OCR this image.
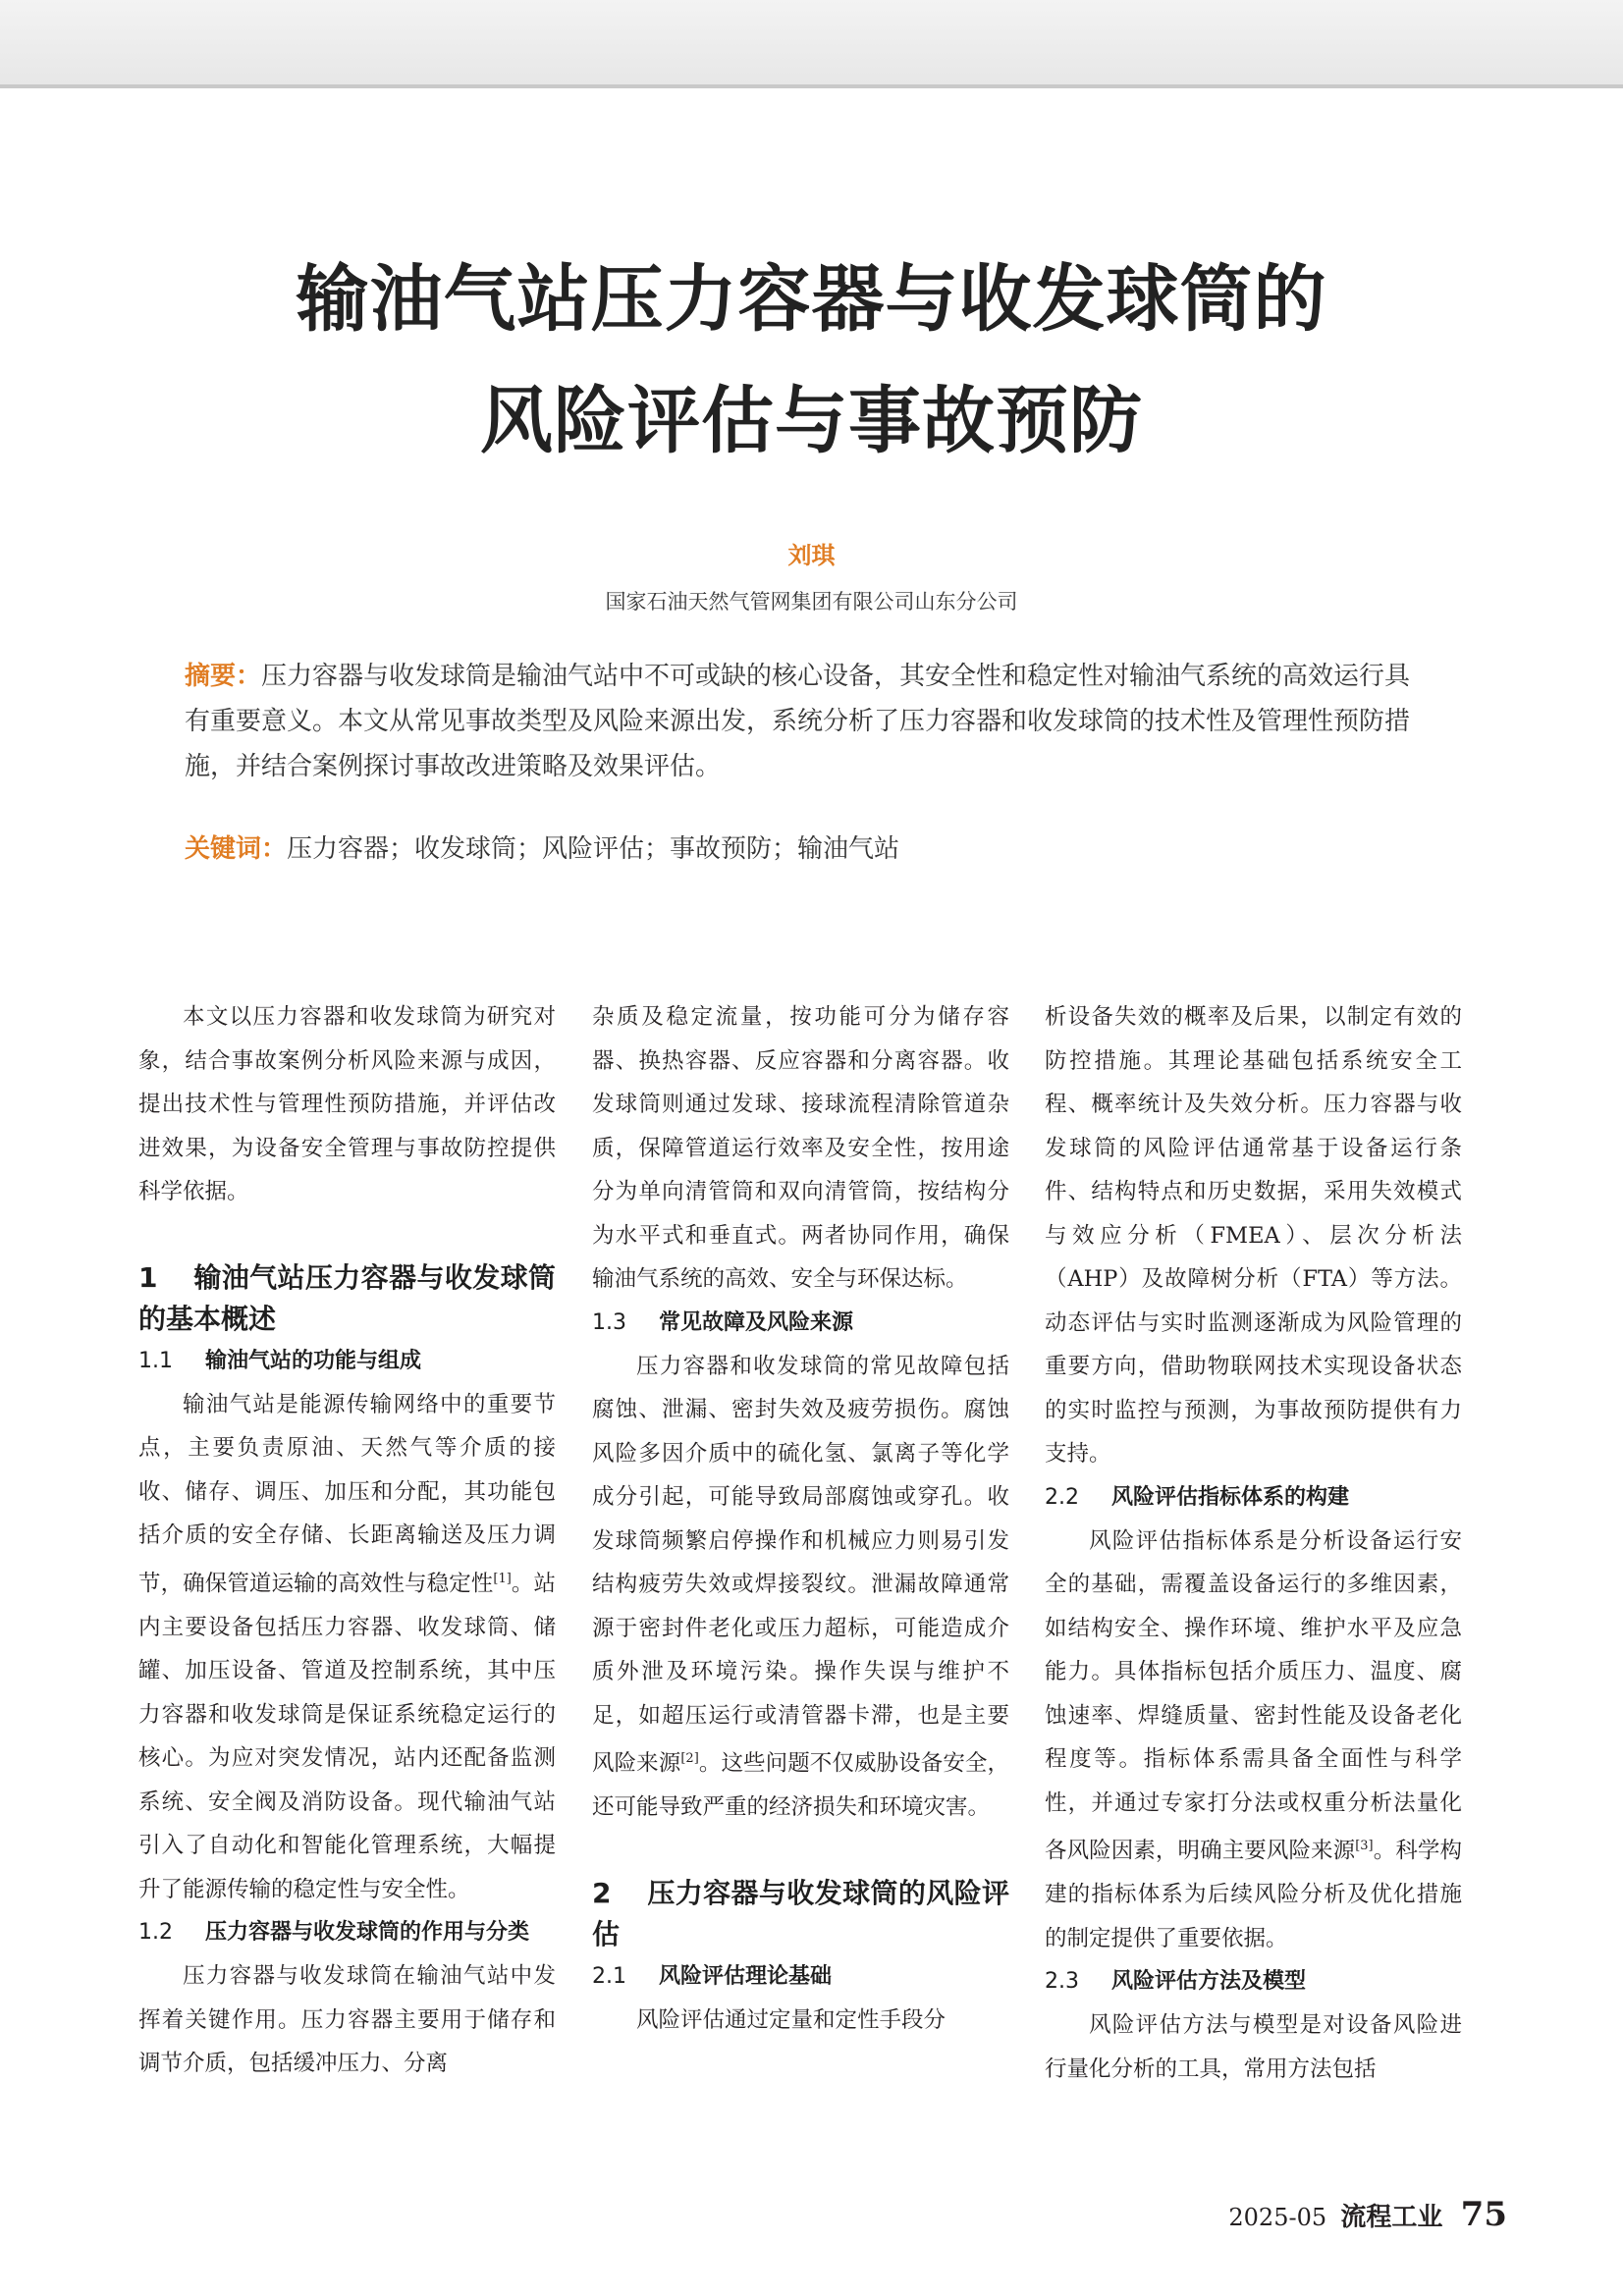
输油气站压力容器与收发球筒的
风险评估与事故预防
刘琪
国家石油天然气管网集团有限公司山东分公司
摘要：压力容器与收发球筒是输油气站中不可或缺的核心设备，其安全性和稳定性对输油气系统的高效运行具有重要意义。本文从常见事故类型及风险来源出发，系统分析了压力容器和收发球筒的技术性及管理性预防措施，并结合案例探讨事故改进策略及效果评估。
关键词：压力容器；收发球筒；风险评估；事故预防；输油气站

本文以压力容器和收发球筒为研究对象，结合事故案例分析风险来源与成因，提出技术性与管理性预防措施，并评估改进效果，为设备安全管理与事故防控提供科学依据。

1 输油气站压力容器与收发球筒的基本概述
1.1 输油气站的功能与组成

输油气站是能源传输网络中的重要节点，主要负责原油、天然气等介质的接收、储存、调压、加压和分配，其功能包括介质的安全存储、长距离输送及压力调节，确保管道运输的高效性与稳定性[1]。站内主要设备包括压力容器、收发球筒、储罐、加压设备、管道及控制系统，其中压力容器和收发球筒是保证系统稳定运行的核心。为应对突发情况，站内还配备监测系统、安全阀及消防设备。现代输油气站引入了自动化和智能化管理系统，大幅提升了能源传输的稳定性与安全性。

1.2 压力容器与收发球筒的作用与分类

压力容器与收发球筒在输油气站中发挥着关键作用。压力容器主要用于储存和调节介质，包括缓冲压力、分离

杂质及稳定流量，按功能可分为储存容器、换热容器、反应容器和分离容器。收发球筒则通过发球、接球流程清除管道杂质，保障管道运行效率及安全性，按用途分为单向清管筒和双向清管筒，按结构分为水平式和垂直式。两者协同作用，确保输油气系统的高效、安全与环保达标。

1.3 常见故障及风险来源

压力容器和收发球筒的常见故障包括腐蚀、泄漏、密封失效及疲劳损伤。腐蚀风险多因介质中的硫化氢、氯离子等化学成分引起，可能导致局部腐蚀或穿孔。收发球筒频繁启停操作和机械应力则易引发结构疲劳失效或焊接裂纹。泄漏故障通常源于密封件老化或压力超标，可能造成介质外泄及环境污染。操作失误与维护不足，如超压运行或清管器卡滞，也是主要风险来源[2]。这些问题不仅威胁设备安全，还可能导致严重的经济损失和环境灾害。

2 压力容器与收发球筒的风险评估
2.1 风险评估理论基础

风险评估通过定量和定性手段分

析设备失效的概率及后果，以制定有效的防控措施。其理论基础包括系统安全工程、概率统计及失效分析。压力容器与收发球筒的风险评估通常基于设备运行条件、结构特点和历史数据，采用失效模式与效应分析（FMEA）、层次分析法（AHP）及故障树分析（FTA）等方法。动态评估与实时监测逐渐成为风险管理的重要方向，借助物联网技术实现设备状态的实时监控与预测，为事故预防提供有力支持。

2.2 风险评估指标体系的构建

风险评估指标体系是分析设备运行安全的基础，需覆盖设备运行的多维因素，如结构安全、操作环境、维护水平及应急能力。具体指标包括介质压力、温度、腐蚀速率、焊缝质量、密封性能及设备老化程度等。指标体系需具备全面性与科学性，并通过专家打分法或权重分析法量化各风险因素，明确主要风险来源[3]。科学构建的指标体系为后续风险分析及优化措施的制定提供了重要依据。

2.3 风险评估方法及模型

风险评估方法与模型是对设备风险进行量化分析的工具，常用方法包括

2025-05 流程工业 75
